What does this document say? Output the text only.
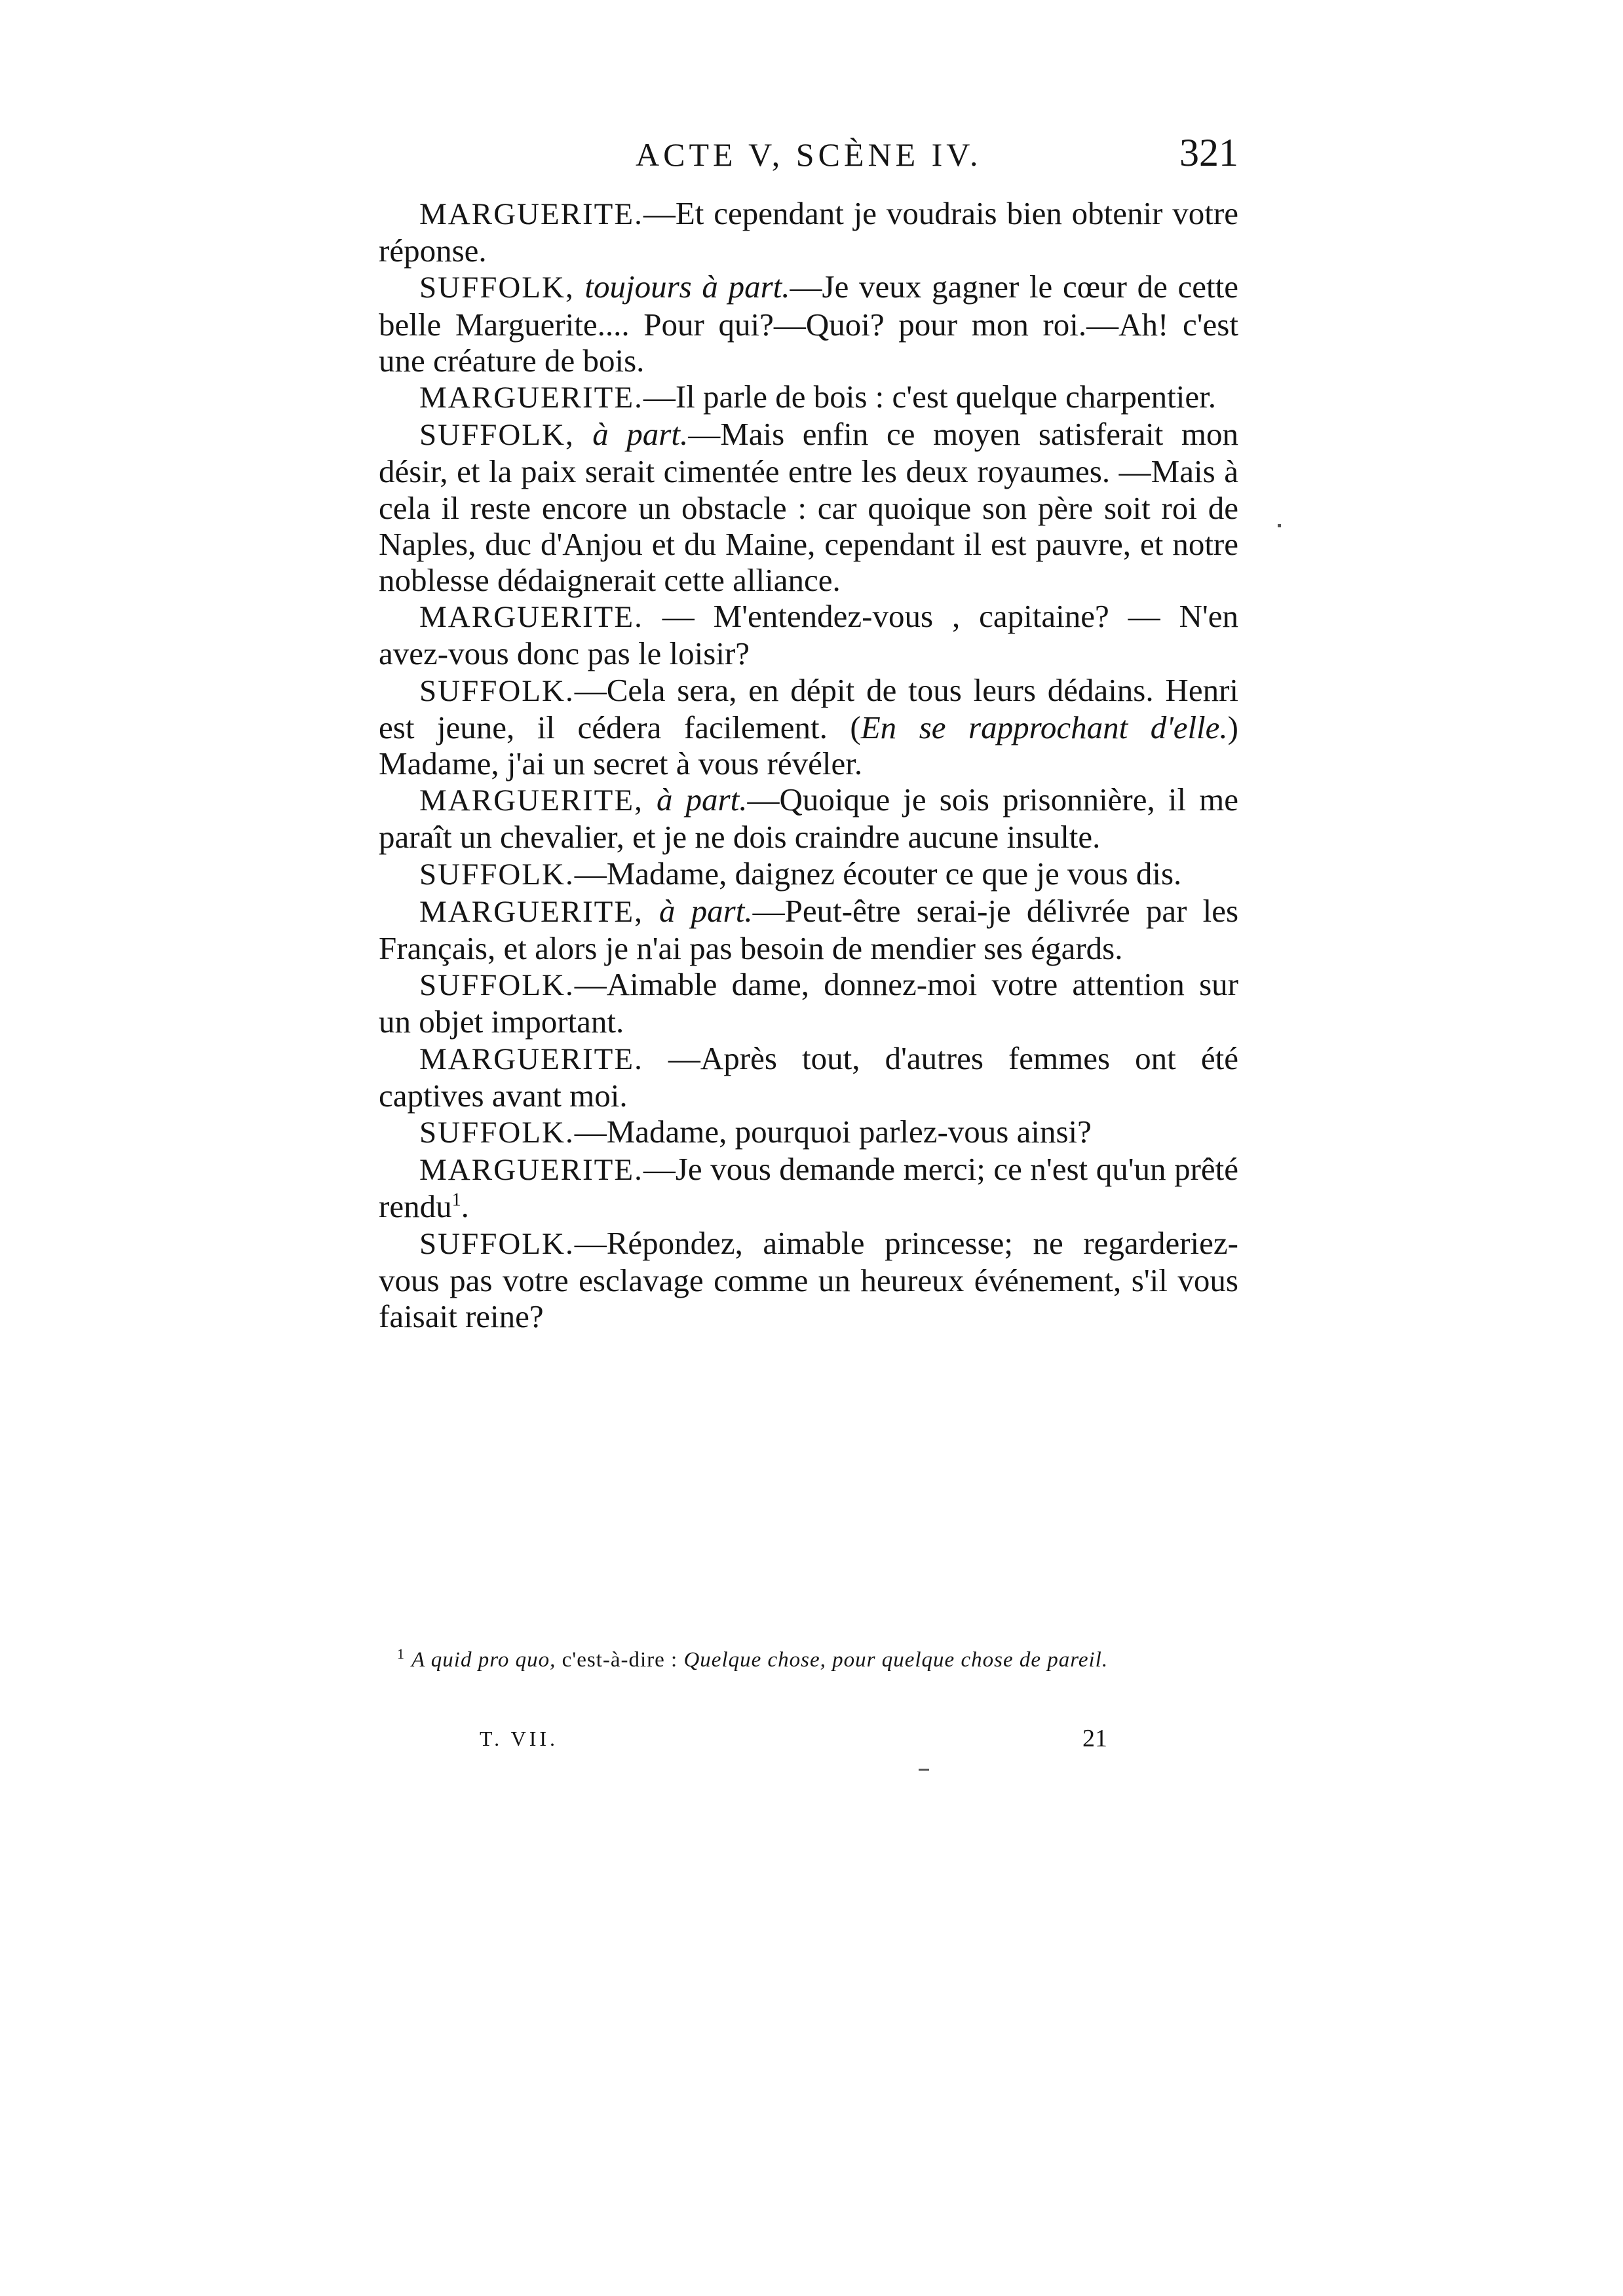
ACTE V, SCÈNE IV.	321

MARGUERITE.—Et cependant je voudrais bien obtenir votre réponse.

SUFFOLK, toujours à part.—Je veux gagner le cœur de cette belle Marguerite.... Pour qui?—Quoi? pour mon roi.—Ah! c'est une créature de bois.

MARGUERITE.—Il parle de bois : c'est quelque charpentier.

SUFFOLK, à part.—Mais enfin ce moyen satisferait mon désir, et la paix serait cimentée entre les deux royaumes. —Mais à cela il reste encore un obstacle : car quoique son père soit roi de Naples, duc d'Anjou et du Maine, cependant il est pauvre, et notre noblesse dédaignerait cette alliance.

MARGUERITE. — M'entendez-vous , capitaine? — N'en avez-vous donc pas le loisir?

SUFFOLK.—Cela sera, en dépit de tous leurs dédains. Henri est jeune, il cédera facilement. (En se rapprochant d'elle.) Madame, j'ai un secret à vous révéler.

MARGUERITE, à part.—Quoique je sois prisonnière, il me paraît un chevalier, et je ne dois craindre aucune insulte.

SUFFOLK.—Madame, daignez écouter ce que je vous dis.

MARGUERITE, à part.—Peut-être serai-je délivrée par les Français, et alors je n'ai pas besoin de mendier ses égards.

SUFFOLK.—Aimable dame, donnez-moi votre attention sur un objet important.

MARGUERITE. —Après tout, d'autres femmes ont été captives avant moi.

SUFFOLK.—Madame, pourquoi parlez-vous ainsi?

MARGUERITE.—Je vous demande merci; ce n'est qu'un prêté rendu$^1$.

SUFFOLK.—Répondez, aimable princesse; ne regarderiez-vous pas votre esclavage comme un heureux événement, s'il vous faisait reine?

$^1$ A quid pro quo, c'est-à-dire : Quelque chose, pour quelque chose de pareil.
T. VII.	21
